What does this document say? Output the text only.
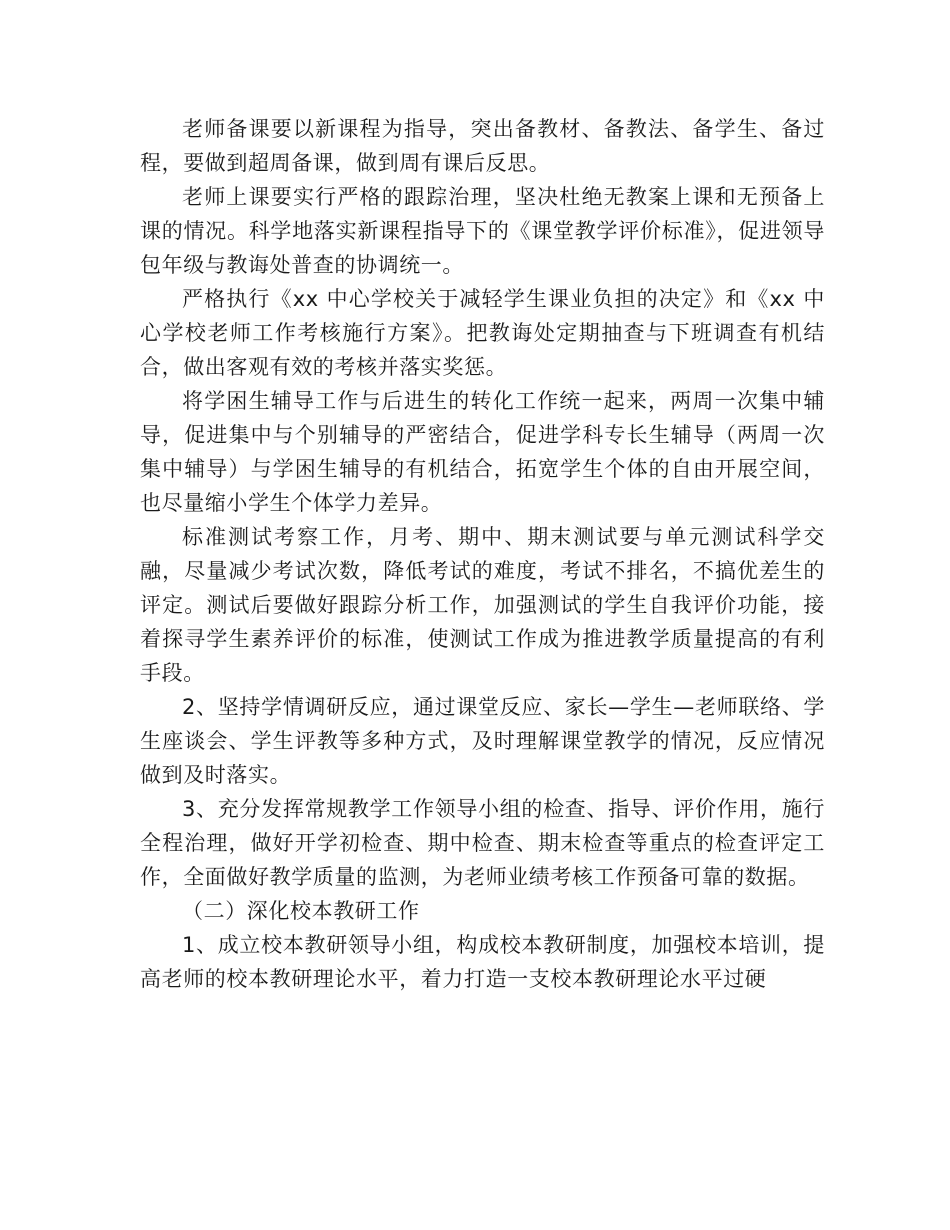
老师备课要以新课程为指导，突出备教材、备教法、备学生、备过程，要做到超周备课，做到周有课后反思。

老师上课要实行严格的跟踪治理，坚决杜绝无教案上课和无预备上课的情况。科学地落实新课程指导下的《课堂教学评价标准》，促进领导包年级与教诲处普查的协调统一。

严格执行《xx 中心学校关于减轻学生课业负担的决定》和《xx 中心学校老师工作考核施行方案》。把教诲处定期抽查与下班调查有机结合，做出客观有效的考核并落实奖惩。

将学困生辅导工作与后进生的转化工作统一起来，两周一次集中辅导，促进集中与个别辅导的严密结合，促进学科专长生辅导（两周一次集中辅导）与学困生辅导的有机结合，拓宽学生个体的自由开展空间，也尽量缩小学生个体学力差异。

标准测试考察工作，月考、期中、期末测试要与单元测试科学交融，尽量减少考试次数，降低考试的难度，考试不排名，不搞优差生的评定。测试后要做好跟踪分析工作，加强测试的学生自我评价功能，接着探寻学生素养评价的标准，使测试工作成为推进教学质量提高的有利手段。

2、坚持学情调研反应，通过课堂反应、家长—学生—老师联络、学生座谈会、学生评教等多种方式，及时理解课堂教学的情况，反应情况做到及时落实。

3、充分发挥常规教学工作领导小组的检查、指导、评价作用，施行全程治理，做好开学初检查、期中检查、期末检查等重点的检查评定工作，全面做好教学质量的监测，为老师业绩考核工作预备可靠的数据。

（二）深化校本教研工作

1、成立校本教研领导小组，构成校本教研制度，加强校本培训，提高老师的校本教研理论水平，着力打造一支校本教研理论水平过硬
